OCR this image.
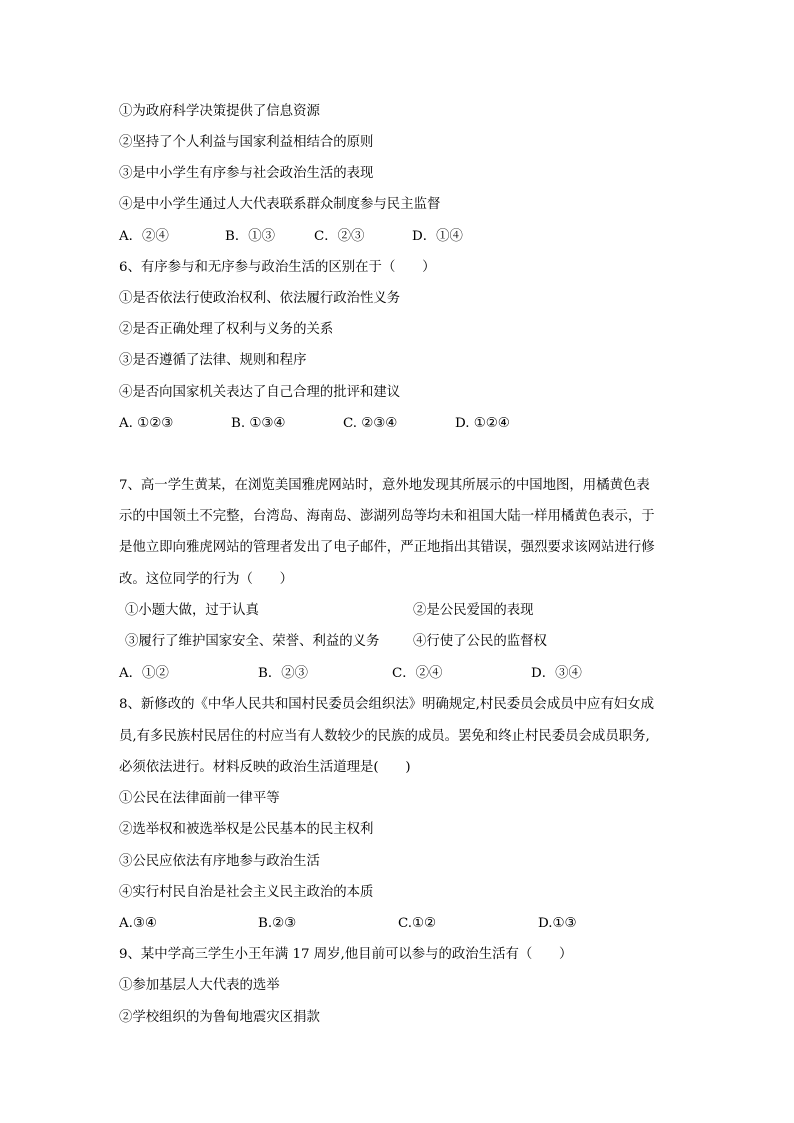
①为政府科学决策提供了信息资源
②坚持了个人利益与国家利益相结合的原则
③是中小学生有序参与社会政治生活的表现
④是中小学生通过人大代表联系群众制度参与民主监督
A．②④	B．①③	C．②③	D．①④
6、有序参与和无序参与政治生活的区别在于（　　）
①是否依法行使政治权利、依法履行政治性义务
②是否正确处理了权利与义务的关系
③是否遵循了法律、规则和程序
④是否向国家机关表达了自己合理的批评和建议
A. ①②③	B. ①③④	C. ②③④	D. ①②④
7、高一学生黄某，在浏览美国雅虎网站时，意外地发现其所展示的中国地图，用橘黄色表
示的中国领土不完整，台湾岛、海南岛、澎湖列岛等均未和祖国大陆一样用橘黄色表示，于
是他立即向雅虎网站的管理者发出了电子邮件，严正地指出其错误，强烈要求该网站进行修
改。这位同学的行为（　　）
①小题大做，过于认真	②是公民爱国的表现
③履行了维护国家安全、荣誉、利益的义务	④行使了公民的监督权
A．①②	B．②③	C．②④	D．③④
8、新修改的《中华人民共和国村民委员会组织法》明确规定,村民委员会成员中应有妇女成
员,有多民族村民居住的村应当有人数较少的民族的成员。罢免和终止村民委员会成员职务,
必须依法进行。材料反映的政治生活道理是(　　)
①公民在法律面前一律平等
②选举权和被选举权是公民基本的民主权利
③公民应依法有序地参与政治生活
④实行村民自治是社会主义民主政治的本质
A.③④	B.②③	C.①②	D.①③
9、某中学高三学生小王年满 17 周岁,他目前可以参与的政治生活有（　　）
①参加基层人大代表的选举
②学校组织的为鲁甸地震灾区捐款
